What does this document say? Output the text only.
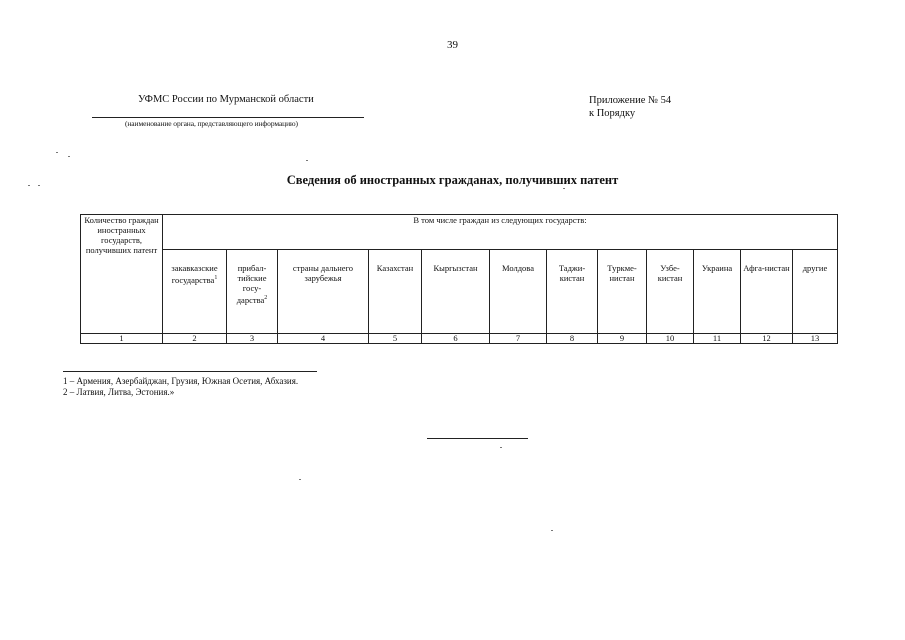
39
УФМС России по Мурманской области
(наименование органа, представляющего информацию)
Приложение № 54
к Порядку
Сведения об иностранных гражданах, получивших патент
Количество граждан иностранных государств, получивших патент	В том числе граждан из следующих государств:											
	закавказские государства$^1$	прибал-тийские госу-дарства$^2$	страны дальнего зарубежья	Казахстан	Кыргызстан	Молдова	Таджи-кистан	Туркме-нистан	Узбе-кистан	Украина	Афга-нистан	другие
1	2	3	4	5	6	7	8	9	10	11	12	13
1 – Армения, Азербайджан, Грузия, Южная Осетия, Абхазия.
2 – Латвия, Литва, Эстония.»
